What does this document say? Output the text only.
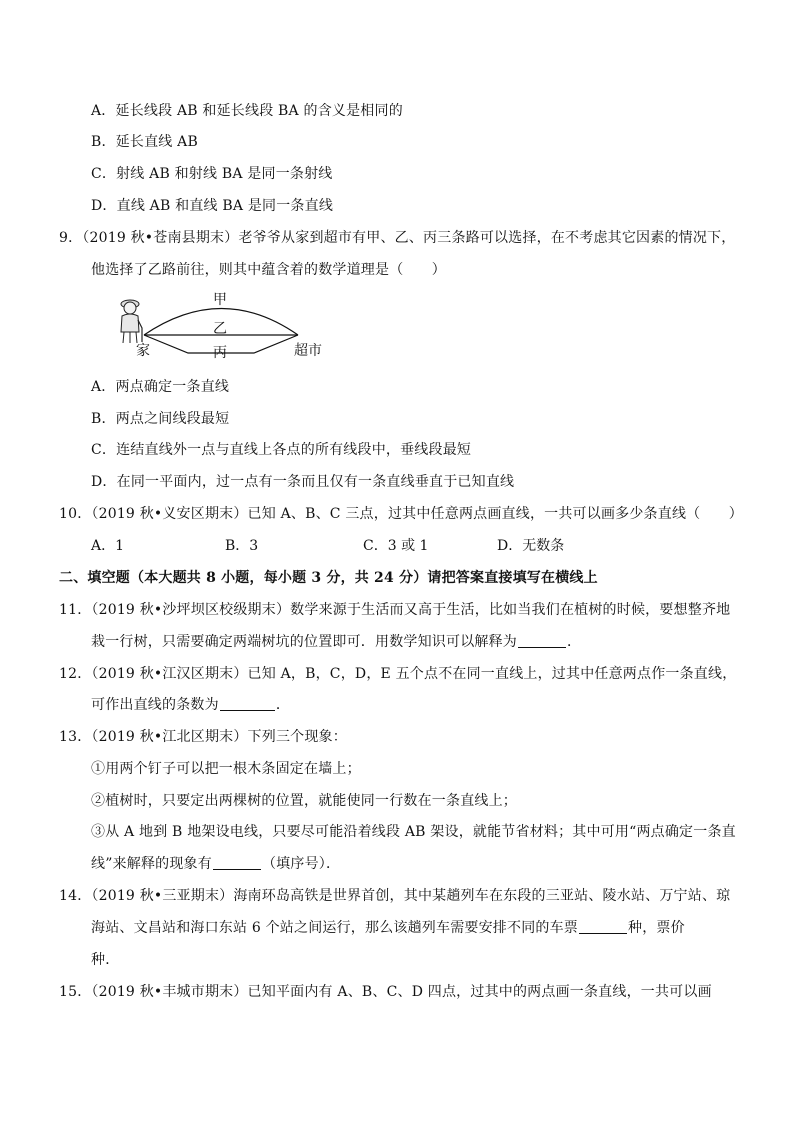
A．延长线段 AB 和延长线段 BA 的含义是相同的
B．延长直线 AB
C．射线 AB 和射线 BA 是同一条射线
D．直线 AB 和直线 BA 是同一条直线
9．（2019 秋•苍南县期末）老爷爷从家到超市有甲、乙、丙三条路可以选择，在不考虑其它因素的情况下，
他选择了乙路前往，则其中蕴含着的数学道理是（　　）
甲
乙
丙
家	超市
A．两点确定一条直线
B．两点之间线段最短
C．连结直线外一点与直线上各点的所有线段中，垂线段最短
D．在同一平面内，过一点有一条而且仅有一条直线垂直于已知直线
10．（2019 秋•义安区期末）已知 A、B、C 三点，过其中任意两点画直线，一共可以画多少条直线（　　）
A．1	B．3	C．3 或 1	D．无数条
二、填空题（本大题共 8 小题，每小题 3 分，共 24 分）请把答案直接填写在横线上
11．（2019 秋•沙坪坝区校级期末）数学来源于生活而又高于生活，比如当我们在植树的时候，要想整齐地
栽一行树，只需要确定两端树坑的位置即可．用数学知识可以解释为	．
12．（2019 秋•江汉区期末）已知 A，B，C，D，E 五个点不在同一直线上，过其中任意两点作一条直线，
可作出直线的条数为	．
13．（2019 秋•江北区期末）下列三个现象：
①用两个钉子可以把一根木条固定在墙上；
②植树时，只要定出两棵树的位置，就能使同一行数在一条直线上；
③从 A 地到 B 地架设电线，只要尽可能沿着线段 AB 架设，就能节省材料；其中可用“两点确定一条直
线”来解释的现象有	（填序号）．
14．（2019 秋•三亚期末）海南环岛高铁是世界首创，其中某趟列车在东段的三亚站、陵水站、万宁站、琼
海站、文昌站和海口东站 6 个站之间运行，那么该趟列车需要安排不同的车票	种，票价
种．
15．（2019 秋•丰城市期末）已知平面内有 A、B、C、D 四点，过其中的两点画一条直线，一共可以画
